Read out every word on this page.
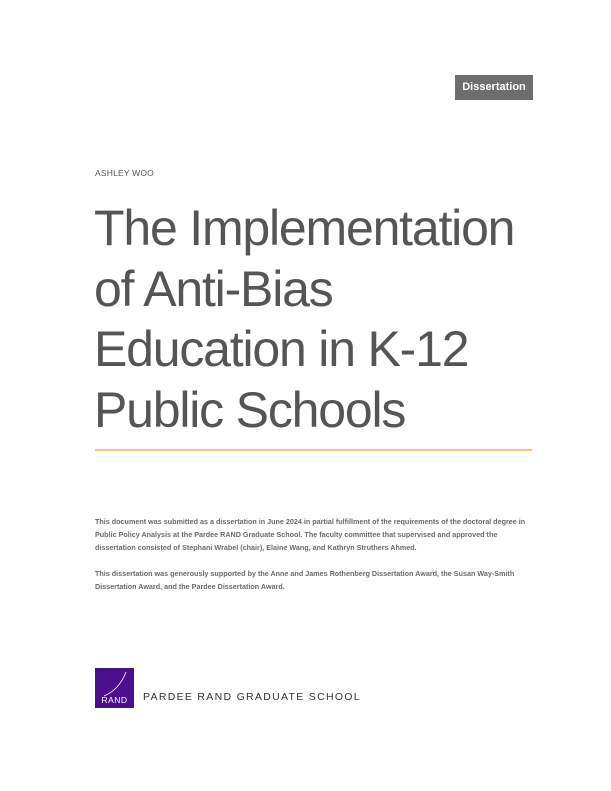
Dissertation
ASHLEY WOO
The Implementation
of Anti-Bias
Education in K-12
Public Schools

This document was submitted as a dissertation in June 2024 in partial fulfillment of the requirements of the doctoral degree in Public Policy Analysis at the Pardee RAND Graduate School. The faculty committee that supervised and approved the dissertation consisted of Stephani Wrabel (chair), Elaine Wang, and Kathryn Struthers Ahmed.

This dissertation was generously supported by the Anne and James Rothenberg Dissertation Award, the Susan Way-Smith Dissertation Award, and the Pardee Dissertation Award.

RAND	PARDEE RAND GRADUATE SCHOOL
